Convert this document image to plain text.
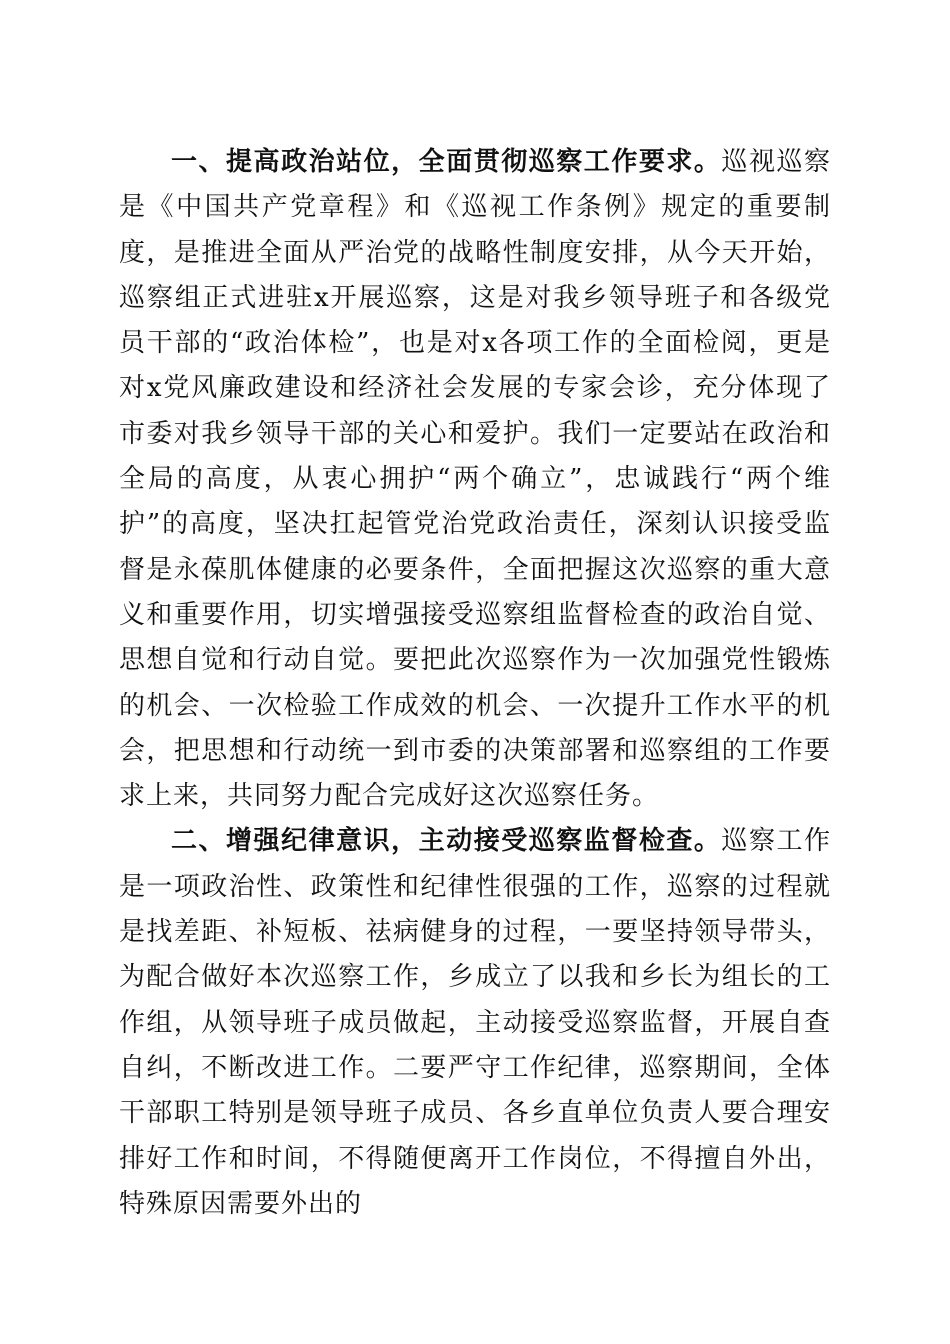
一、提高政治站位，全面贯彻巡察工作要求。巡视巡察是《中国共产党章程》和《巡视工作条例》规定的重要制度，是推进全面从严治党的战略性制度安排，从今天开始，巡察组正式进驻x开展巡察，这是对我乡领导班子和各级党员干部的“政治体检”，也是对x各项工作的全面检阅，更是对x党风廉政建设和经济社会发展的专家会诊，充分体现了市委对我乡领导干部的关心和爱护。我们一定要站在政治和全局的高度，从衷心拥护“两个确立”，忠诚践行“两个维护”的高度，坚决扛起管党治党政治责任，深刻认识接受监督是永葆肌体健康的必要条件，全面把握这次巡察的重大意义和重要作用，切实增强接受巡察组监督检查的政治自觉、思想自觉和行动自觉。要把此次巡察作为一次加强党性锻炼的机会、一次检验工作成效的机会、一次提升工作水平的机会，把思想和行动统一到市委的决策部署和巡察组的工作要求上来，共同努力配合完成好这次巡察任务。

二、增强纪律意识，主动接受巡察监督检查。巡察工作是一项政治性、政策性和纪律性很强的工作，巡察的过程就是找差距、补短板、祛病健身的过程，一要坚持领导带头，为配合做好本次巡察工作，乡成立了以我和乡长为组长的工作组，从领导班子成员做起，主动接受巡察监督，开展自查自纠，不断改进工作。二要严守工作纪律，巡察期间，全体干部职工特别是领导班子成员、各乡直单位负责人要合理安排好工作和时间，不得随便离开工作岗位，不得擅自外出，特殊原因需要外出的
